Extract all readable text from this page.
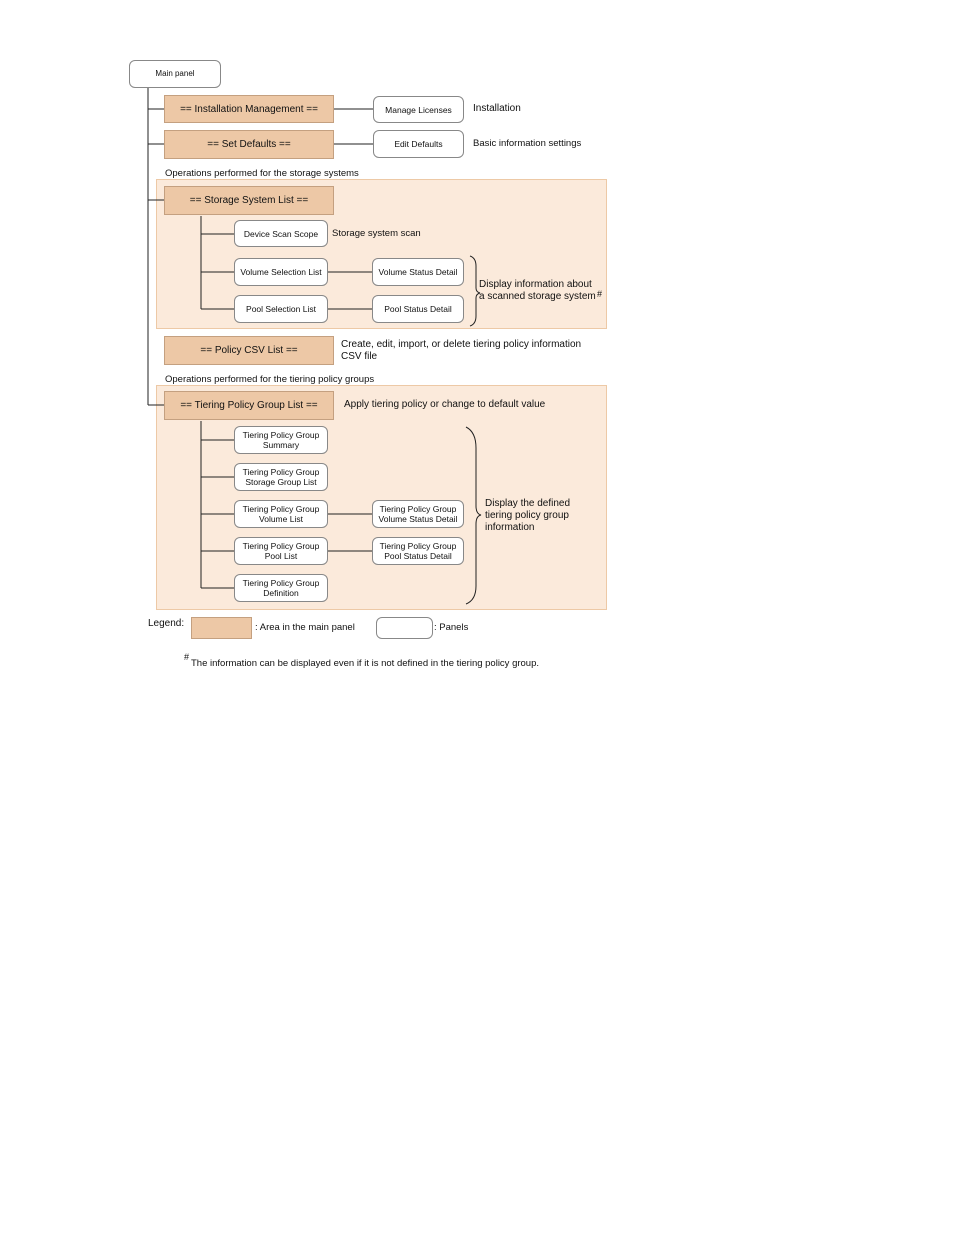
Main panel
== Installation Management ==	Manage Licenses Installation
== Set Defaults ==	Edit Defaults	Basic information settings
Operations performed for the storage systems
== Storage System List ==
Device Scan Scope Storage system scan
Volume Selection List	Volume Status Detail
Pool Selection List	Pool Status Detail
Display information about
a scanned storage system #
== Policy CSV List ==
Create, edit, import, or delete tiering policy information
CSV file
Operations performed for the tiering policy groups
== Tiering Policy Group List ==	Apply tiering policy or change to default value
Tiering Policy Group
Summary
Tiering Policy Group
Storage Group List
Tiering Policy Group
Volume List
Tiering Policy Group
Volume Status Detail
Tiering Policy Group
Pool List
Tiering Policy Group
Pool Status Detail
Tiering Policy Group
Definition
Display the defined
tiering policy group
information
Legend:	: Area in the main panel	: Panels
#
The information can be displayed even if it is not defined in the tiering policy group.
